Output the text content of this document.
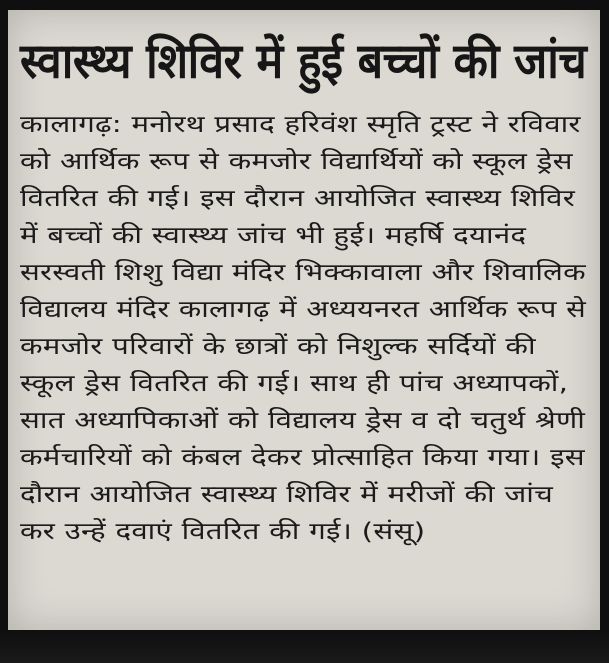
स्वास्थ्य शिविर में हुई बच्चों की जांच
कालागढ़: मनोरथ प्रसाद हरिवंश स्मृति ट्रस्ट ने रविवार
को आर्थिक रूप से कमजोर विद्यार्थियों को स्कूल ड्रेस
वितरित की गई। इस दौरान आयोजित स्वास्थ्य शिविर
में बच्चों की स्वास्थ्य जांच भी हुई। महर्षि दयानंद
सरस्वती शिशु विद्या मंदिर भिक्कावाला और शिवालिक
विद्यालय मंदिर कालागढ़ में अध्ययनरत आर्थिक रूप से
कमजोर परिवारों के छात्रों को निशुल्क सर्दियों की
स्कूल ड्रेस वितरित की गई। साथ ही पांच अध्यापकों,
सात अध्यापिकाओं को विद्यालय ड्रेस व दो चतुर्थ श्रेणी
कर्मचारियों को कंबल देकर प्रोत्साहित किया गया। इस
दौरान आयोजित स्वास्थ्य शिविर में मरीजों की जांच
कर उन्हें दवाएं वितरित की गई। (संसू)
